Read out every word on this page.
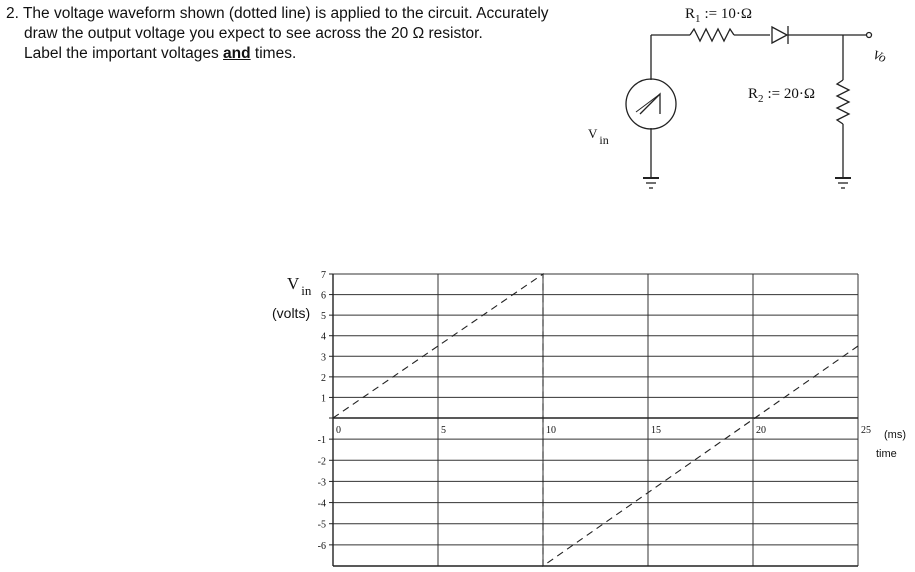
2. The voltage waveform shown (dotted line) is applied to the circuit. Accurately
draw the output voltage you expect to see across the 20 Ω resistor.
Label the important voltages and times.
$R_1$ := 10·Ω
$R_2$ := 20·Ω
V in
Vo
7
6
5
4
3
2
1
-1
-2
-3
-4
-5
-6
0	5	10	15	20	25
V $_{in}$
(volts)
(ms)
time
